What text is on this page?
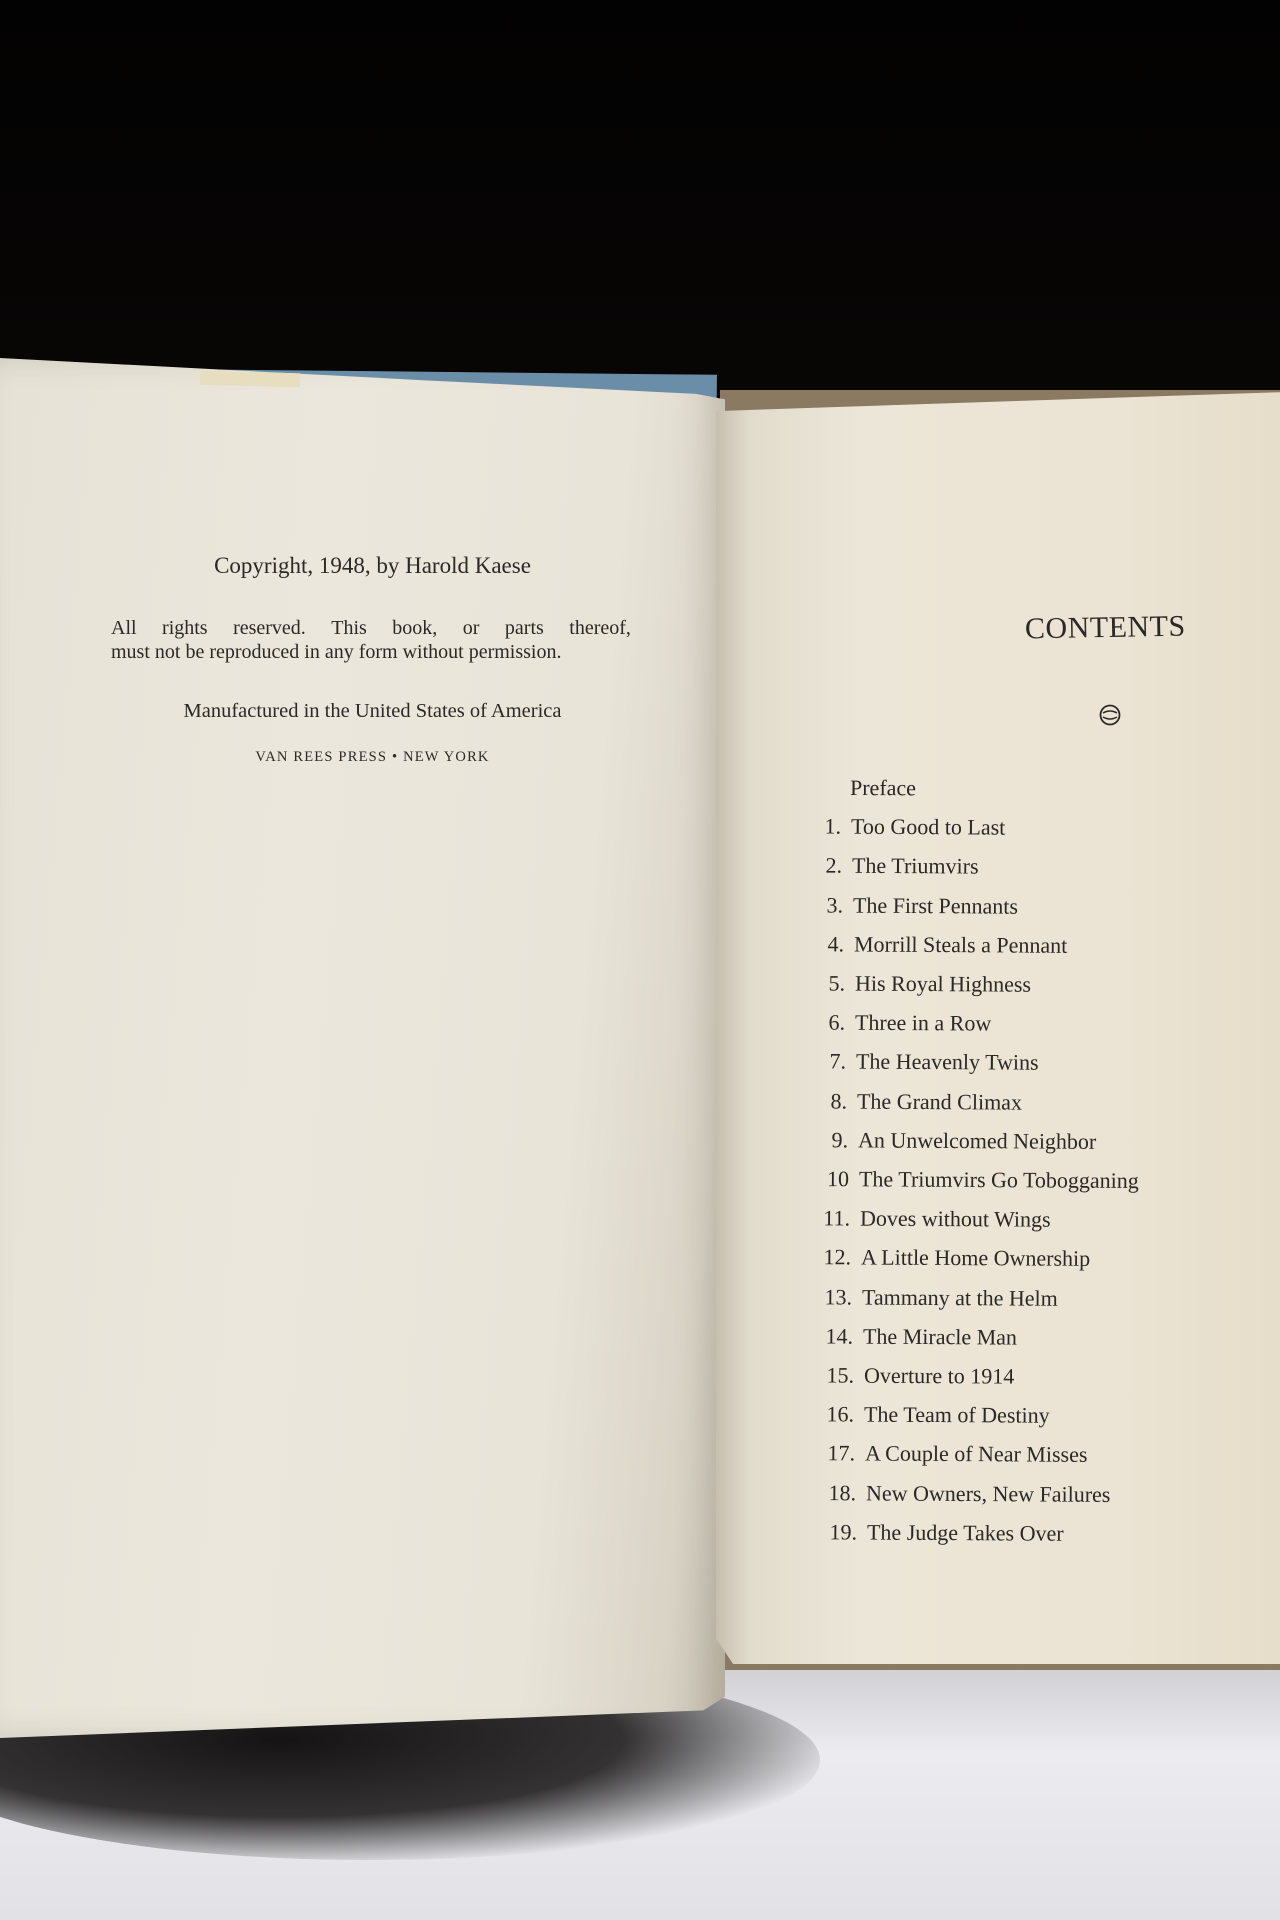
Copyright, 1948, by Harold Kaese
All rights reserved. This book, or parts thereof,
must not be reproduced in any form without permission.
Manufactured in the United States of America
VAN REES PRESS • NEW YORK
CONTENTS
Preface
1. Too Good to Last
2. The Triumvirs
3. The First Pennants
4. Morrill Steals a Pennant
5. His Royal Highness
6. Three in a Row
7. The Heavenly Twins
8. The Grand Climax
9. An Unwelcomed Neighbor
10 The Triumvirs Go Tobogganing
11. Doves without Wings
12. A Little Home Ownership
13. Tammany at the Helm
14. The Miracle Man
15. Overture to 1914
16. The Team of Destiny
17. A Couple of Near Misses
18. New Owners, New Failures
19. The Judge Takes Over
